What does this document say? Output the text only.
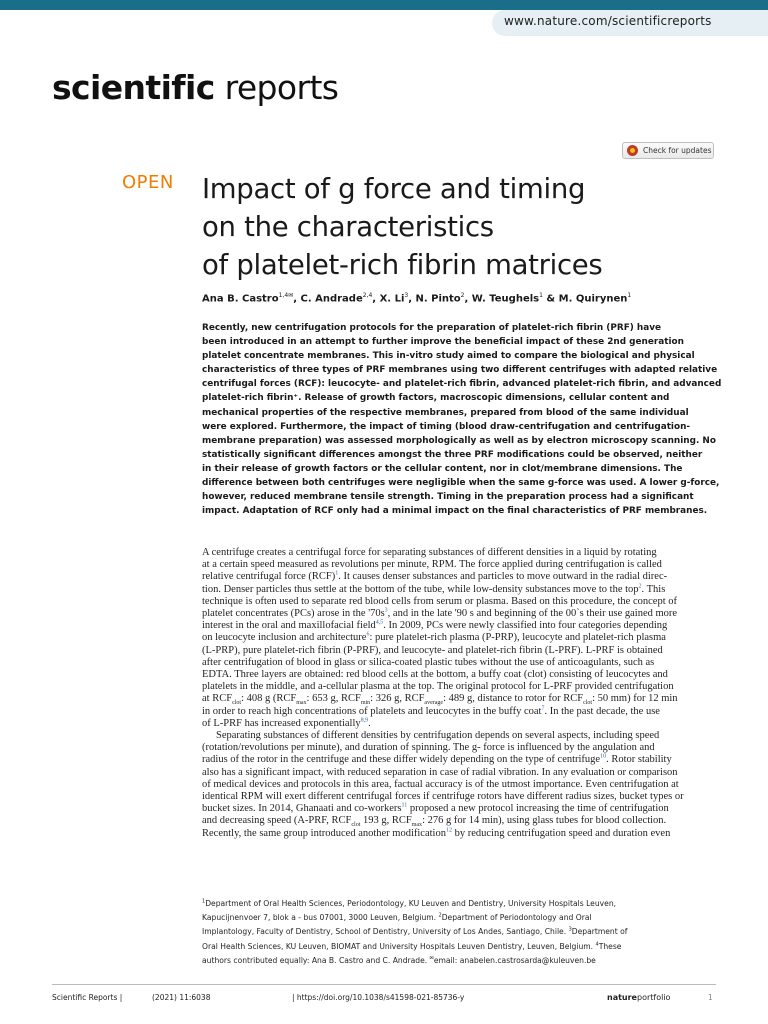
www.nature.com/scientificreports
scientific reports
Check for updates
OPEN Impact of g force and timing
on the characteristics
of platelet-rich fibrin matrices
Ana B. Castro$^{1,4✉}$, C. Andrade$^{2,4}$, X. Li$^3$, N. Pinto$^2$, W. Teughels$^1$ & M. Quirynen$^1$
Recently, new centrifugation protocols for the preparation of platelet-rich fibrin (PRF) have
been introduced in an attempt to further improve the beneficial impact of these 2nd generation
platelet concentrate membranes. This in-vitro study aimed to compare the biological and physical
characteristics of three types of PRF membranes using two different centrifuges with adapted relative
centrifugal forces (RCF): leucocyte- and platelet-rich fibrin, advanced platelet-rich fibrin, and advanced
platelet-rich fibrin⁺. Release of growth factors, macroscopic dimensions, cellular content and
mechanical properties of the respective membranes, prepared from blood of the same individual
were explored. Furthermore, the impact of timing (blood draw-centrifugation and centrifugation-
membrane preparation) was assessed morphologically as well as by electron microscopy scanning. No
statistically significant differences amongst the three PRF modifications could be observed, neither
in their release of growth factors or the cellular content, nor in clot/membrane dimensions. The
difference between both centrifuges were negligible when the same g-force was used. A lower g-force,
however, reduced membrane tensile strength. Timing in the preparation process had a significant
impact. Adaptation of RCF only had a minimal impact on the final characteristics of PRF membranes.
A centrifuge creates a centrifugal force for separating substances of different densities in a liquid by rotating
at a certain speed measured as revolutions per minute, RPM. The force applied during centrifugation is called
relative centrifugal force (RCF)$^1$. It causes denser substances and particles to move outward in the radial direc-
tion. Denser particles thus settle at the bottom of the tube, while low-density substances move to the top$^2$. This
technique is often used to separate red blood cells from serum or plasma. Based on this procedure, the concept of
platelet concentrates (PCs) arose in the '70s$^3$, and in the late '90 s and beginning of the 00`s their use gained more
interest in the oral and maxillofacial field$^{4,5}$. In 2009, PCs were newly classified into four categories depending
on leucocyte inclusion and architecture$^6$: pure platelet-rich plasma (P-PRP), leucocyte and platelet-rich plasma
(L-PRP), pure platelet-rich fibrin (P-PRF), and leucocyte- and platelet-rich fibrin (L-PRF). L-PRF is obtained
after centrifugation of blood in glass or silica-coated plastic tubes without the use of anticoagulants, such as
EDTA. Three layers are obtained: red blood cells at the bottom, a buffy coat (clot) consisting of leucocytes and
platelets in the middle, and a-cellular plasma at the top. The original protocol for L-PRF provided centrifugation
at $RCF_{clot}$: 408 g ($RCF_{max}$: 653 g, $RCF_{min}$: 326 g, $RCF_{average}$: 489 g, distance to rotor for $RCF_{clot}$: 50 mm) for 12 min
in order to reach high concentrations of platelets and leucocytes in the buffy coat$^7$. In the past decade, the use
of L-PRF has increased exponentially$^{8,9}$.
Separating substances of different densities by centrifugation depends on several aspects, including speed
(rotation/revolutions per minute), and duration of spinning. The g- force is influenced by the angulation and
radius of the rotor in the centrifuge and these differ widely depending on the type of centrifuge$^{10}$. Rotor stability
also has a significant impact, with reduced separation in case of radial vibration. In any evaluation or comparison
of medical devices and protocols in this area, factual accuracy is of the utmost importance. Even centrifugation at
identical RPM will exert different centrifugal forces if centrifuge rotors have different radius sizes, bucket types or
bucket sizes. In 2014, Ghanaati and co-workers$^{11}$ proposed a new protocol increasing the time of centrifugation
and decreasing speed (A-PRF, $RCF_{clot}$ 193 g, $RCF_{max}$: 276 g for 14 min), using glass tubes for blood collection.
Recently, the same group introduced another modification$^{12}$ by reducing centrifugation speed and duration even
$^1$Department of Oral Health Sciences, Periodontology, KU Leuven and Dentistry, University Hospitals Leuven,
Kapucijnenvoer 7, blok a - bus 07001, 3000 Leuven, Belgium. $^2$Department of Periodontology and Oral
Implantology, Faculty of Dentistry, School of Dentistry, University of Los Andes, Santiago, Chile. $^3$Department of
Oral Health Sciences, KU Leuven, BIOMAT and University Hospitals Leuven Dentistry, Leuven, Belgium. $^4$These
authors contributed equally: Ana B. Castro and C. Andrade. ✉email: anabelen.castrosarda@kuleuven.be
Scientific Reports |	(2021) 11:6038	| https://doi.org/10.1038/s41598-021-85736-y	natureportfolio	1
